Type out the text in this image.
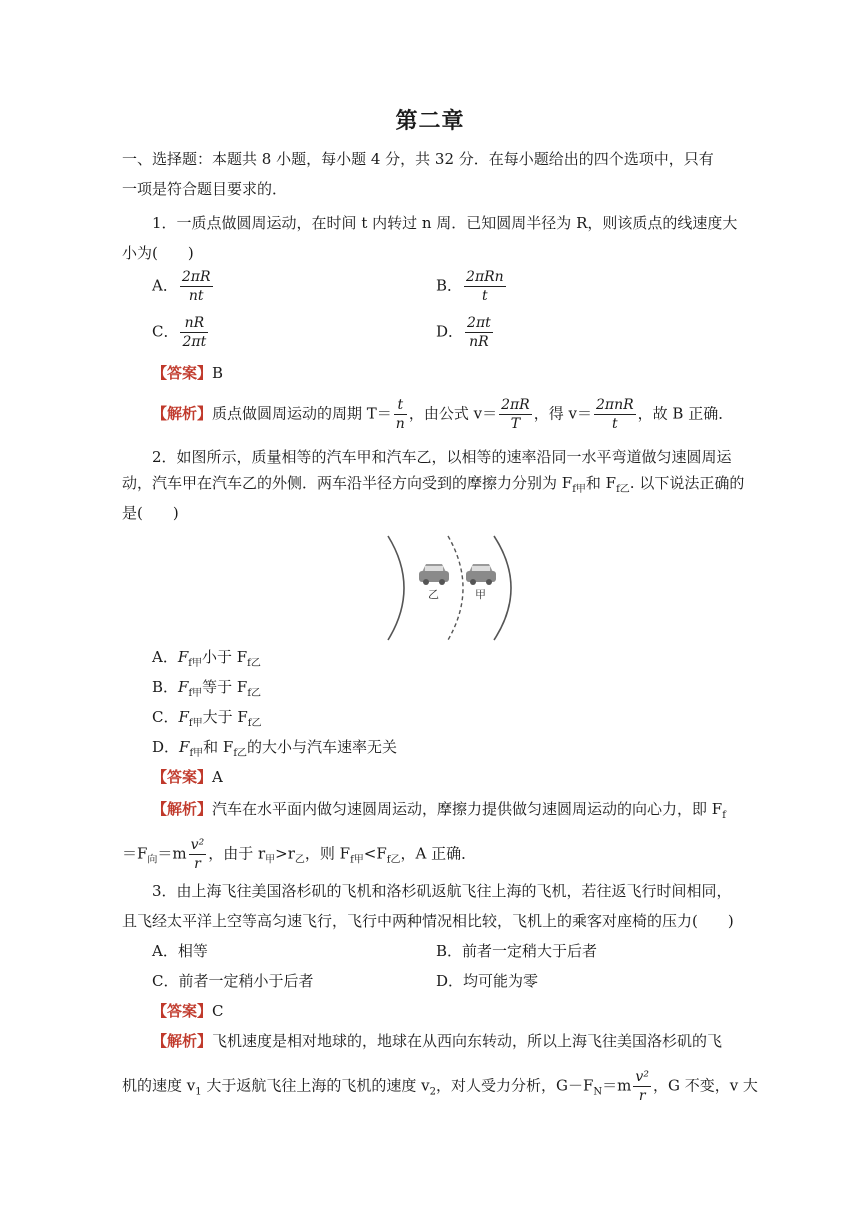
第二章
一、选择题：本题共 8 小题，每小题 4 分，共 32 分．在每小题给出的四个选项中，只有
一项是符合题目要求的．
1．一质点做圆周运动，在时间 t 内转过 n 周．已知圆周半径为 R，则该质点的线速度大
小为(　　)
A． $\frac{2\pi R}{nt}$	B． $\frac{\text{2πRn}}{t}$
C． $\frac{nR}{2\pi t}$	D． $\frac{2\pi t}{nR}$
【答案】B
【解析】质点做圆周运动的周期 $T= \frac{t}{n}$ ，由公式 $v= \frac{2\pi R}{T}$ ，得 $v= \frac{\text{2πnR}}{t}$ ，故 B 正确．
2．如图所示，质量相等的汽车甲和汽车乙，以相等的速率沿同一水平弯道做匀速圆周运
动，汽车甲在汽车乙的外侧．两车沿半径方向受到的摩擦力分别为 $F_{f甲}$和 $F_{f乙}$. 以下说法正确的
是(　　)
乙	甲
A．$F_{f甲}$小于 $F_{f乙}$
B．$F_{f甲}$等于 $F_{f乙}$
C．$F_{f甲}$大于 $F_{f乙}$
D．$F_{f甲}$和 $F_{f乙}$的大小与汽车速率无关
【答案】A
【解析】汽车在水平面内做匀速圆周运动，摩擦力提供做匀速圆周运动的向心力，即 $F_f$
$=F_向=m \frac{\text{v²}}{r}$ ，由于 $r_甲>r_乙$，则 $F_{f甲}<F_{f乙}$，A 正确．
3．由上海飞往美国洛杉矶的飞机和洛杉矶返航飞往上海的飞机，若往返飞行时间相同，
且飞经太平洋上空等高匀速飞行，飞行中两种情况相比较，飞机上的乘客对座椅的压力(　　)
A．相等	B．前者一定稍大于后者
C．前者一定稍小于后者	D．均可能为零
【答案】C
【解析】飞机速度是相对地球的，地球在从西向东转动，所以上海飞往美国洛杉矶的飞
机的速度 $v_1$ 大于返航飞往上海的飞机的速度 $v_2$，对人受力分析，$G-F_N=m \frac{\text{v²}}{r}$ ，G 不变，v 大
